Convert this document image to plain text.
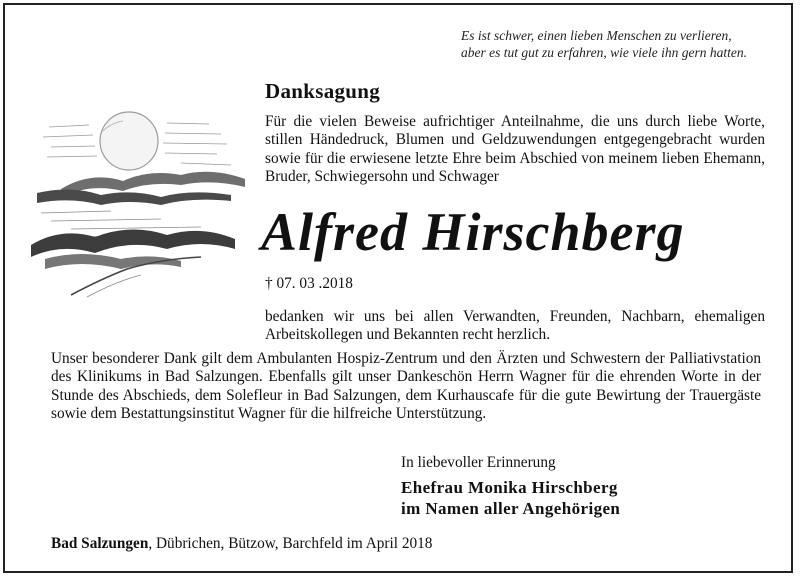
Es ist schwer, einen lieben Menschen zu verlieren,
aber es tut gut zu erfahren, wie viele ihn gern hatten.
Danksagung
Für die vielen Beweise aufrichtiger Anteilnahme, die uns durch liebe Worte, stillen Händedruck, Blumen und Geldzuwendungen entgegengebracht wurden sowie für die erwiesene letzte Ehre beim Abschied von meinem lieben Ehemann, Bruder, Schwiegersohn und Schwager
Alfred Hirschberg
† 07. 03 .2018
bedanken wir uns bei allen Verwandten, Freunden, Nachbarn, ehemaligen Arbeitskollegen und Bekannten recht herzlich.
Unser besonderer Dank gilt dem Ambulanten Hospiz-Zentrum und den Ärzten und Schwestern der Palliativstation des Klinikums in Bad Salzungen. Ebenfalls gilt unser Dankeschön Herrn Wagner für die ehrenden Worte in der Stunde des Abschieds, dem Solefleur in Bad Salzungen, dem Kurhauscafe für die gute Bewirtung der Trauergäste sowie dem Bestattungsinstitut Wagner für die hilfreiche Unterstützung.
In liebevoller Erinnerung
Ehefrau Monika Hirschberg
im Namen aller Angehörigen
Bad Salzungen, Dübrichen, Bützow, Barchfeld im April 2018
